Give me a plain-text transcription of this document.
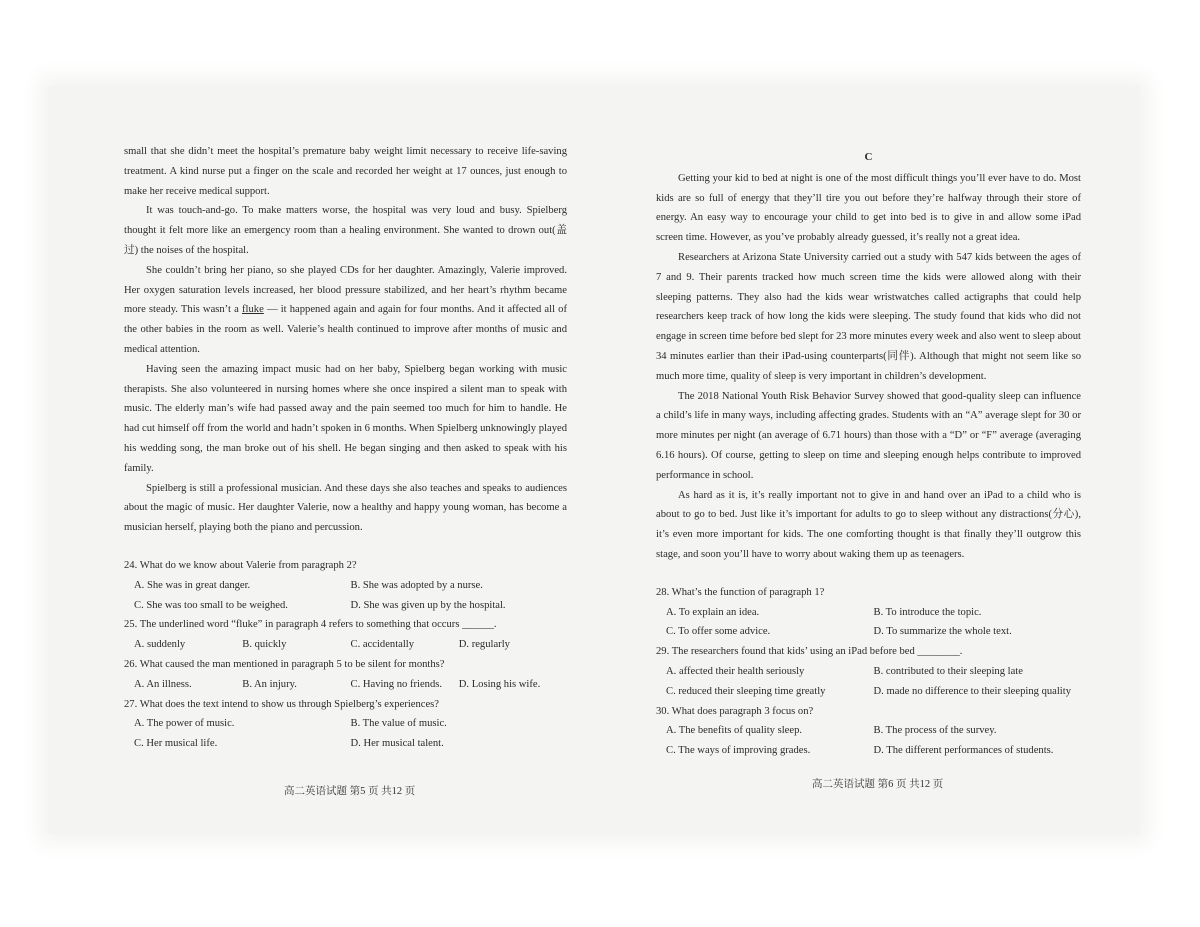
small that she didn’t meet the hospital’s premature baby weight limit necessary to receive life-saving treatment. A kind nurse put a finger on the scale and recorded her weight at 17 ounces, just enough to make her receive medical support.

It was touch-and-go. To make matters worse, the hospital was very loud and busy. Spielberg thought it felt more like an emergency room than a healing environment. She wanted to drown out(盖过) the noises of the hospital.

She couldn’t bring her piano, so she played CDs for her daughter. Amazingly, Valerie improved. Her oxygen saturation levels increased, her blood pressure stabilized, and her heart’s rhythm became more steady. This wasn’t a fluke — it happened again and again for four months. And it affected all of the other babies in the room as well. Valerie’s health continued to improve after months of music and medical attention.

Having seen the amazing impact music had on her baby, Spielberg began working with music therapists. She also volunteered in nursing homes where she once inspired a silent man to speak with music. The elderly man’s wife had passed away and the pain seemed too much for him to handle. He had cut himself off from the world and hadn’t spoken in 6 months. When Spielberg unknowingly played his wedding song, the man broke out of his shell. He began singing and then asked to speak with his family.

Spielberg is still a professional musician. And these days she also teaches and speaks to audiences about the magic of music. Her daughter Valerie, now a healthy and happy young woman, has become a musician herself, playing both the piano and percussion.

24. What do we know about Valerie from paragraph 2?

A. She was in great danger.	B. She was adopted by a nurse.
C. She was too small to be weighed.	D. She was given up by the hospital.

25. The underlined word “fluke” in paragraph 4 refers to something that occurs ______.

A. suddenly	B. quickly	C. accidentally	D. regularly

26. What caused the man mentioned in paragraph 5 to be silent for months?

A. An illness.	B. An injury.	C. Having no friends.	D. Losing his wife.

27. What does the text intend to show us through Spielberg’s experiences?

A. The power of music.	B. The value of music.
C. Her musical life.	D. Her musical talent.
高二英语试题 第5 页 共12 页
C

Getting your kid to bed at night is one of the most difficult things you’ll ever have to do. Most kids are so full of energy that they’ll tire you out before they’re halfway through their store of energy. An easy way to encourage your child to get into bed is to give in and allow some iPad screen time. However, as you’ve probably already guessed, it’s really not a great idea.

Researchers at Arizona State University carried out a study with 547 kids between the ages of 7 and 9. Their parents tracked how much screen time the kids were allowed along with their sleeping patterns. They also had the kids wear wristwatches called actigraphs that could help researchers keep track of how long the kids were sleeping. The study found that kids who did not engage in screen time before bed slept for 23 more minutes every week and also went to sleep about 34 minutes earlier than their iPad-using counterparts(同伴). Although that might not seem like so much more time, quality of sleep is very important in children’s development.

The 2018 National Youth Risk Behavior Survey showed that good-quality sleep can influence a child’s life in many ways, including affecting grades. Students with an “A” average slept for 30 or more minutes per night (an average of 6.71 hours) than those with a “D” or “F” average (averaging 6.16 hours). Of course, getting to sleep on time and sleeping enough helps contribute to improved performance in school.

As hard as it is, it’s really important not to give in and hand over an iPad to a child who is about to go to bed. Just like it’s important for adults to go to sleep without any distractions(分心), it’s even more important for kids. The one comforting thought is that finally they’ll outgrow this stage, and soon you’ll have to worry about waking them up as teenagers.

28. What’s the function of paragraph 1?

A. To explain an idea.	B. To introduce the topic.
C. To offer some advice.	D. To summarize the whole text.

29. The researchers found that kids’ using an iPad before bed ________.

A. affected their health seriously	B. contributed to their sleeping late
C. reduced their sleeping time greatly	D. made no difference to their sleeping quality

30. What does paragraph 3 focus on?

A. The benefits of quality sleep.	B. The process of the survey.
C. The ways of improving grades.	D. The different performances of students.
高二英语试题 第6 页 共12 页
